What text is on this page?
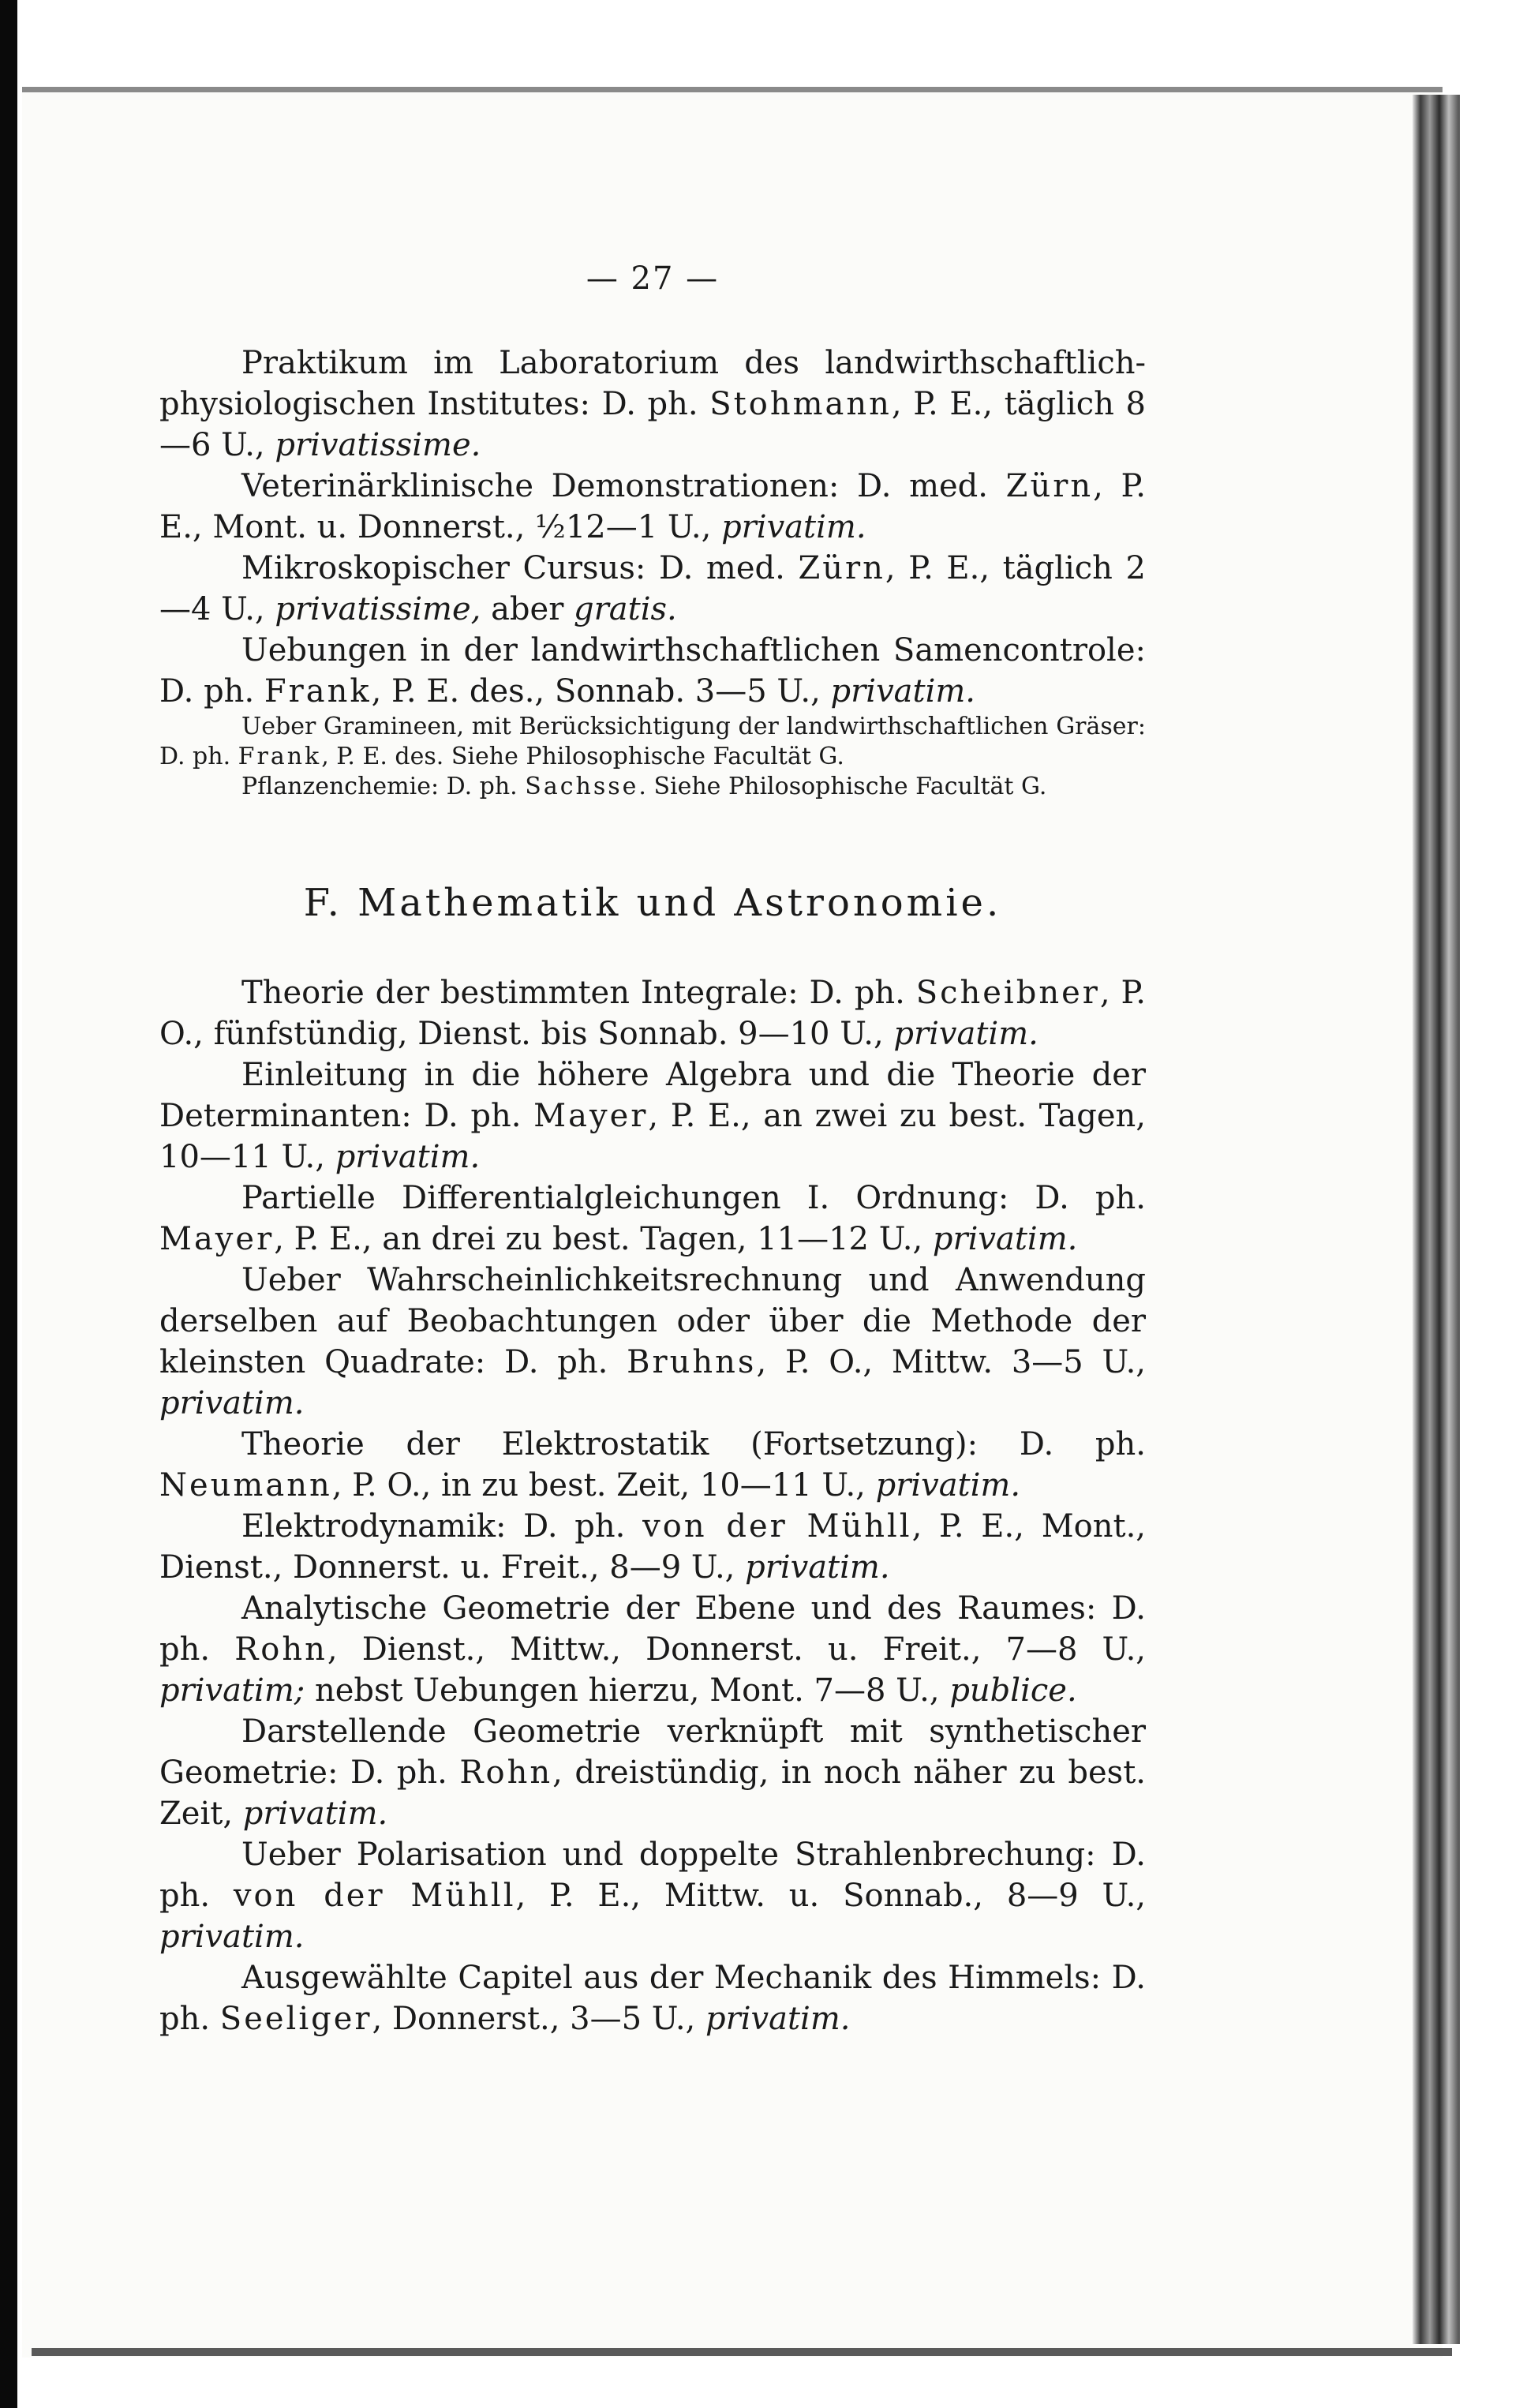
— 27 —

Praktikum im Laboratorium des landwirthschaftlich-physiologischen Institutes: D. ph. Stohmann, P. E., täglich 8—6 U., privatissime.

Veterinärklinische Demonstrationen: D. med. Zürn, P. E., Mont. u. Donnerst., ½12—1 U., privatim.

Mikroskopischer Cursus: D. med. Zürn, P. E., täglich 2—4 U., privatissime, aber gratis.

Uebungen in der landwirthschaftlichen Samencontrole: D. ph. Frank, P. E. des., Sonnab. 3—5 U., privatim.

Ueber Gramineen, mit Berücksichtigung der landwirthschaftlichen Gräser: D. ph. Frank, P. E. des. Siehe Philosophische Facultät G.

Pflanzenchemie: D. ph. Sachsse. Siehe Philosophische Facultät G.

F. Mathematik und Astronomie.

Theorie der bestimmten Integrale: D. ph. Scheibner, P. O., fünfstündig, Dienst. bis Sonnab. 9—10 U., privatim.

Einleitung in die höhere Algebra und die Theorie der Determinanten: D. ph. Mayer, P. E., an zwei zu best. Tagen, 10—11 U., privatim.

Partielle Differentialgleichungen I. Ordnung: D. ph. Mayer, P. E., an drei zu best. Tagen, 11—12 U., privatim.

Ueber Wahrscheinlichkeitsrechnung und Anwendung derselben auf Beobachtungen oder über die Methode der kleinsten Quadrate: D. ph. Bruhns, P. O., Mittw. 3—5 U., privatim.

Theorie der Elektrostatik (Fortsetzung): D. ph. Neumann, P. O., in zu best. Zeit, 10—11 U., privatim.

Elektrodynamik: D. ph. von der Mühll, P. E., Mont., Dienst., Donnerst. u. Freit., 8—9 U., privatim.

Analytische Geometrie der Ebene und des Raumes: D. ph. Rohn, Dienst., Mittw., Donnerst. u. Freit., 7—8 U., privatim; nebst Uebungen hierzu, Mont. 7—8 U., publice.

Darstellende Geometrie verknüpft mit synthetischer Geometrie: D. ph. Rohn, dreistündig, in noch näher zu best. Zeit, privatim.

Ueber Polarisation und doppelte Strahlenbrechung: D. ph. von der Mühll, P. E., Mittw. u. Sonnab., 8—9 U., privatim.

Ausgewählte Capitel aus der Mechanik des Himmels: D. ph. Seeliger, Donnerst., 3—5 U., privatim.
